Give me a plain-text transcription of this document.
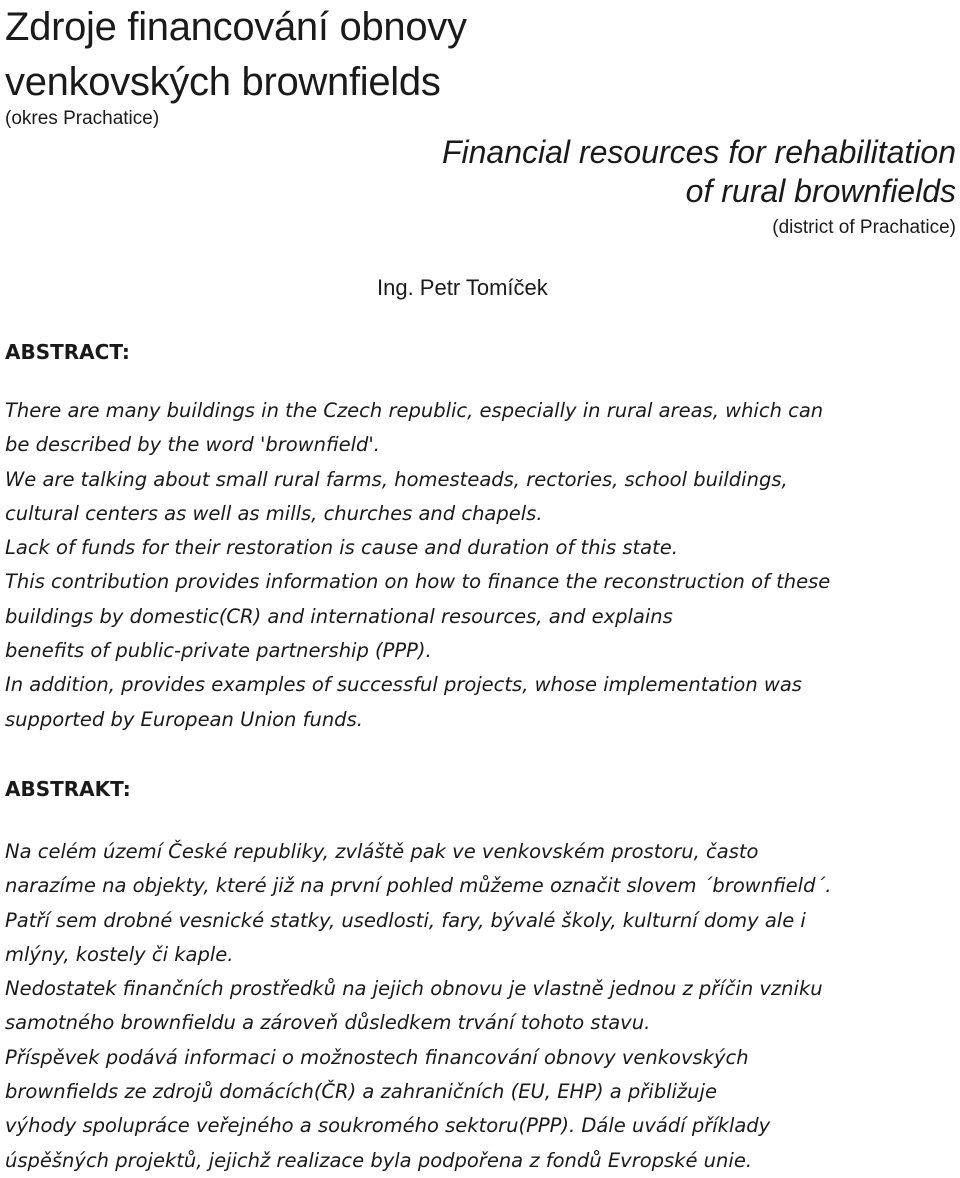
Zdroje financování obnovy
venkovských brownfields
(okres Prachatice)
Financial resources for rehabilitation
of rural brownfields
(district of Prachatice)
Ing. Petr Tomíček
ABSTRACT:

There are many buildings in the Czech republic, especially in rural areas, which can

be described by the word 'brownfield'.

We are talking about small rural farms, homesteads, rectories, school buildings,

cultural centers as well as mills, churches and chapels.

Lack of funds for their restoration is cause and duration of this state.

This contribution provides information on how to finance the reconstruction of these

buildings by domestic(CR) and international resources, and explains

benefits of public-private partnership (PPP).

In addition, provides examples of successful projects, whose implementation was

supported by European Union funds.

ABSTRAKT:

Na celém území České republiky, zvláště pak ve venkovském prostoru, často

narazíme na objekty, které již na první pohled můžeme označit slovem ´brownfield´.

Patří sem drobné vesnické statky, usedlosti, fary, bývalé školy, kulturní domy ale i

mlýny, kostely či kaple.

Nedostatek finančních prostředků na jejich obnovu je vlastně jednou z příčin vzniku

samotného brownfieldu a zároveň důsledkem trvání tohoto stavu.

Příspěvek podává informaci o možnostech financování obnovy venkovských

brownfields ze zdrojů domácích(ČR) a zahraničních (EU, EHP) a přibližuje

výhody spolupráce veřejného a soukromého sektoru(PPP). Dále uvádí příklady

úspěšných projektů, jejichž realizace byla podpořena z fondů Evropské unie.
